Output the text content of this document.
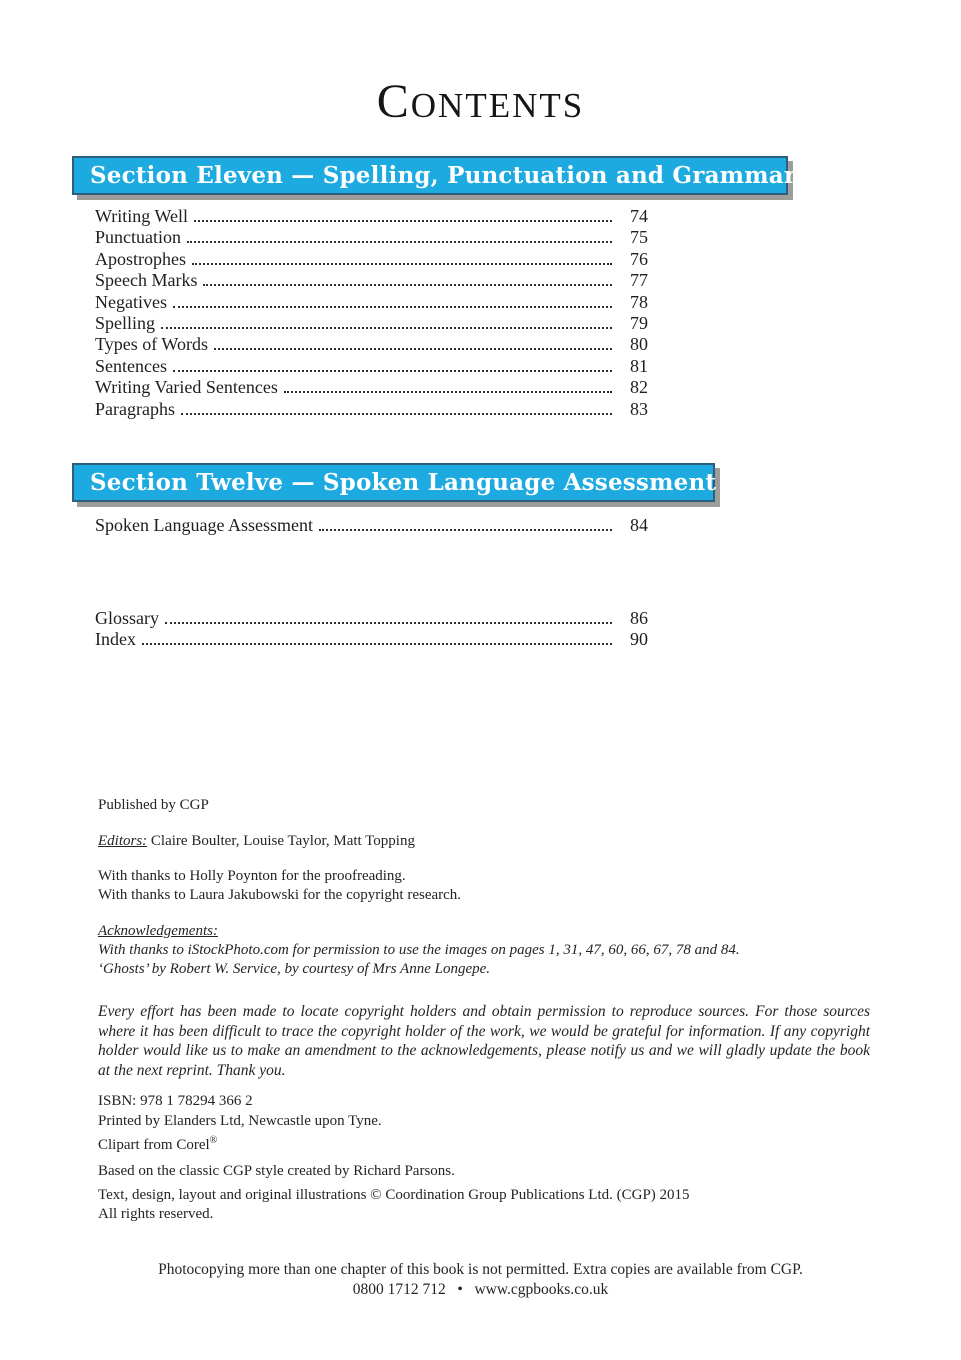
CONTENTS
Section Eleven — Spelling, Punctuation and Grammar
Writing Well	74
Punctuation	75
Apostrophes	76
Speech Marks	77
Negatives	78
Spelling	79
Types of Words	80
Sentences	81
Writing Varied Sentences	82
Paragraphs	83
Section Twelve — Spoken Language Assessment
Spoken Language Assessment	84
Glossary	86
Index	90
Published by CGP
Editors: Claire Boulter, Louise Taylor, Matt Topping
With thanks to Holly Poynton for the proofreading.
With thanks to Laura Jakubowski for the copyright research.
Acknowledgements:
With thanks to iStockPhoto.com for permission to use the images on pages 1, 31, 47, 60, 66, 67, 78 and 84.
‘Ghosts’ by Robert W. Service, by courtesy of Mrs Anne Longepe.
Every effort has been made to locate copyright holders and obtain permission to reproduce sources. For those sources where it has been difficult to trace the copyright holder of the work, we would be grateful for information. If any copyright holder would like us to make an amendment to the acknowledgements, please notify us and we will gladly update the book at the next reprint. Thank you.
ISBN: 978 1 78294 366 2
Printed by Elanders Ltd, Newcastle upon Tyne.
Clipart from Corel®
Based on the classic CGP style created by Richard Parsons.
Text, design, layout and original illustrations © Coordination Group Publications Ltd. (CGP) 2015
All rights reserved.
Photocopying more than one chapter of this book is not permitted. Extra copies are available from CGP.
0800 1712 712 • www.cgpbooks.co.uk
